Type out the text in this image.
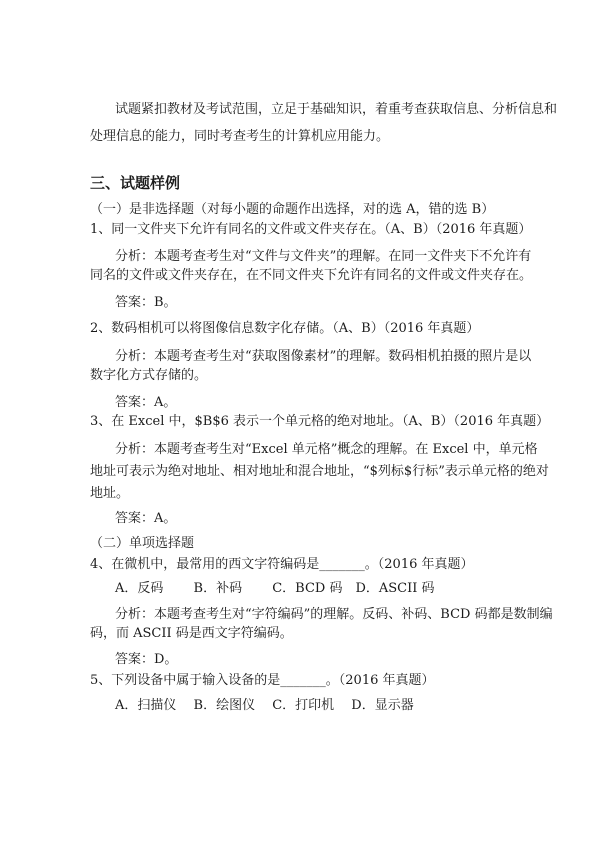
试题紧扣教材及考试范围，立足于基础知识，着重考查获取信息、分析信息和
处理信息的能力，同时考查考生的计算机应用能力。
三、试题样例
（一）是非选择题（对每小题的命题作出选择，对的选 A，错的选 B）
1、同一文件夹下允许有同名的文件或文件夹存在。（A、B）（2016 年真题）
分析：本题考查考生对“文件与文件夹”的理解。在同一文件夹下不允许有
同名的文件或文件夹存在，在不同文件夹下允许有同名的文件或文件夹存在。
答案：B。
2、数码相机可以将图像信息数字化存储。（A、B）（2016 年真题）
分析：本题考查考生对“获取图像素材”的理解。数码相机拍摄的照片是以
数字化方式存储的。
答案：A。
3、在 Excel 中，$B$6 表示一个单元格的绝对地址。（A、B）（2016 年真题）
分析：本题考查考生对“Excel 单元格”概念的理解。在 Excel 中，单元格
地址可表示为绝对地址、相对地址和混合地址，“$列标$行标”表示单元格的绝对
地址。
答案：A。
（二）单项选择题
4、在微机中，最常用的西文字符编码是_______。（2016 年真题）
A．反码　　 B．补码　　 C．BCD 码　D．ASCII 码
分析：本题考查考生对“字符编码”的理解。反码、补码、BCD 码都是数制编
码，而 ASCII 码是西文字符编码。
答案：D。
5、下列设备中属于输入设备的是_______。（2016 年真题）
A．扫描仪　 B．绘图仪　 C．打印机　 D．显示器
